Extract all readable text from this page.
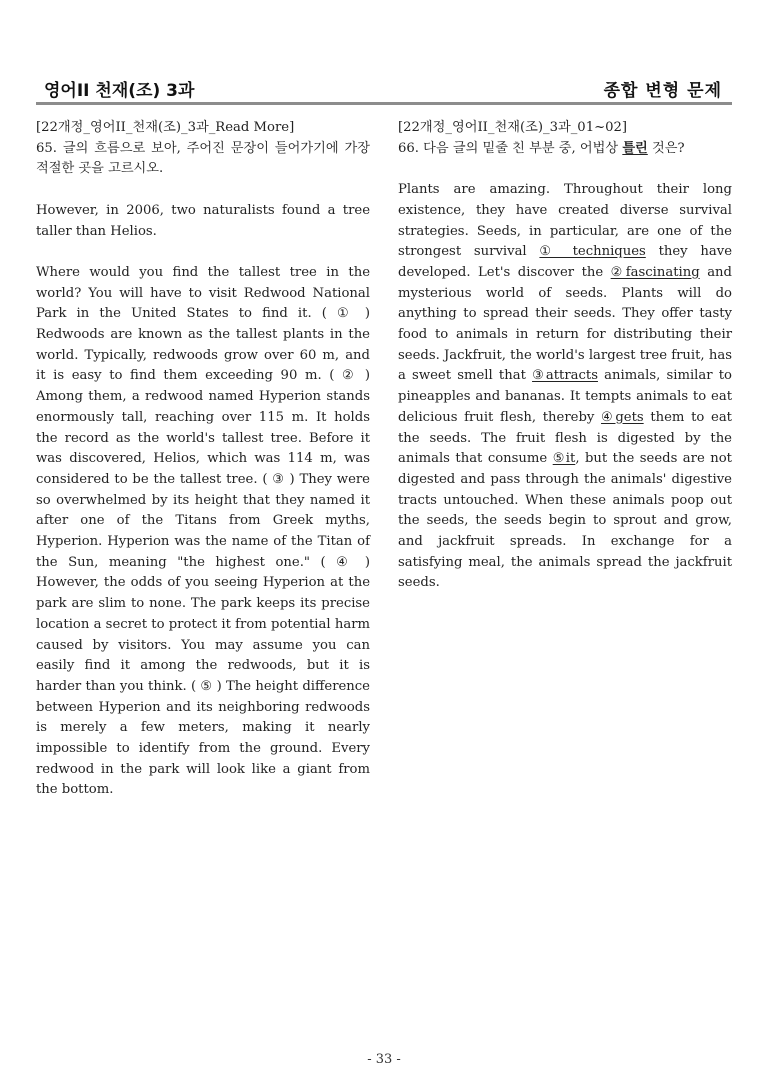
영어II 천재(조) 3과	종합 변형 문제

[22개정_영어II_천재(조)_3과_Read More]

65. 글의 흐름으로 보아, 주어진 문장이 들어가기에 가장 적절한 곳을 고르시오.

However, in 2006, two naturalists found a tree taller than Helios.

Where would you find the tallest tree in the world? You will have to visit Redwood National Park in the United States to find it. ( ① ) Redwoods are known as the tallest plants in the world. Typically, redwoods grow over 60 m, and it is easy to find them exceeding 90 m. ( ② ) Among them, a redwood named Hyperion stands enormously tall, reaching over 115 m. It holds the record as the world's tallest tree. Before it was discovered, Helios, which was 114 m, was considered to be the tallest tree. ( ③ ) They were so overwhelmed by its height that they named it after one of the Titans from Greek myths, Hyperion. Hyperion was the name of the Titan of the Sun, meaning "the highest one." ( ④ ) However, the odds of you seeing Hyperion at the park are slim to none. The park keeps its precise location a secret to protect it from potential harm caused by visitors. You may assume you can easily find it among the redwoods, but it is harder than you think. ( ⑤ ) The height difference between Hyperion and its neighboring redwoods is merely a few meters, making it nearly impossible to identify from the ground. Every redwood in the park will look like a giant from the bottom.

[22개정_영어II_천재(조)_3과_01~02]

66. 다음 글의 밑줄 친 부분 중, 어법상 틀린 것은?

Plants are amazing. Throughout their long existence, they have created diverse survival strategies. Seeds, in particular, are one of the strongest survival ① techniques they have developed. Let's discover the ②fascinating and mysterious world of seeds. Plants will do anything to spread their seeds. They offer tasty food to animals in return for distributing their seeds. Jackfruit, the world's largest tree fruit, has a sweet smell that ③attracts animals, similar to pineapples and bananas. It tempts animals to eat delicious fruit flesh, thereby ④gets them to eat the seeds. The fruit flesh is digested by the animals that consume ⑤it, but the seeds are not digested and pass through the animals' digestive tracts untouched. When these animals poop out the seeds, the seeds begin to sprout and grow, and jackfruit spreads. In exchange for a satisfying meal, the animals spread the jackfruit seeds.

- 33 -
